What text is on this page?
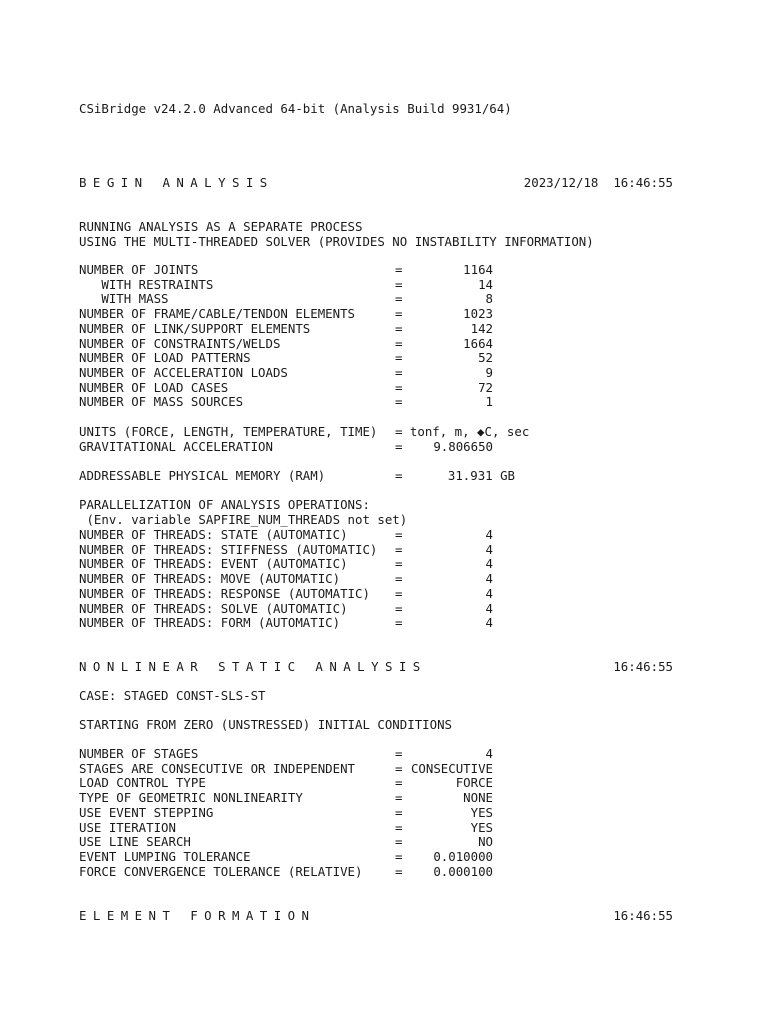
CSiBridge v24.2.0 Advanced 64-bit (Analysis Build 9931/64)
BEGIN ANALYSIS	2023/12/18  16:46:55
RUNNING ANALYSIS AS A SEPARATE PROCESS
USING THE MULTI-THREADED SOLVER (PROVIDES NO INSTABILITY INFORMATION)
NUMBER OF JOINTS	=	1164
WITH RESTRAINTS	=	14
WITH MASS	=	8
NUMBER OF FRAME/CABLE/TENDON ELEMENTS	=	1023
NUMBER OF LINK/SUPPORT ELEMENTS	=	142
NUMBER OF CONSTRAINTS/WELDS	=	1664
NUMBER OF LOAD PATTERNS	=	52
NUMBER OF ACCELERATION LOADS	=	9
NUMBER OF LOAD CASES	=	72
NUMBER OF MASS SOURCES	=	1
UNITS (FORCE, LENGTH, TEMPERATURE, TIME) = tonf, m, ◆C, sec
GRAVITATIONAL ACCELERATION	= 9.806650
ADDRESSABLE PHYSICAL MEMORY (RAM)	=	31.931 GB
PARALLELIZATION OF ANALYSIS OPERATIONS:
(Env. variable SAPFIRE_NUM_THREADS not set)
NUMBER OF THREADS: STATE (AUTOMATIC)	=	4
NUMBER OF THREADS: STIFFNESS (AUTOMATIC) =	4
NUMBER OF THREADS: EVENT (AUTOMATIC)	=	4
NUMBER OF THREADS: MOVE (AUTOMATIC)	=	4
NUMBER OF THREADS: RESPONSE (AUTOMATIC) =	4
NUMBER OF THREADS: SOLVE (AUTOMATIC)	=	4
NUMBER OF THREADS: FORM (AUTOMATIC)	=	4
NONLINEAR STATIC ANALYSIS	16:46:55
CASE: STAGED CONST-SLS-ST
STARTING FROM ZERO (UNSTRESSED) INITIAL CONDITIONS
NUMBER OF STAGES	=	4
STAGES ARE CONSECUTIVE OR INDEPENDENT	= CONSECUTIVE
LOAD CONTROL TYPE	=	FORCE
TYPE OF GEOMETRIC NONLINEARITY	=	NONE
USE EVENT STEPPING	=	YES
USE ITERATION	=	YES
USE LINE SEARCH	=	NO
EVENT LUMPING TOLERANCE	= 0.010000
FORCE CONVERGENCE TOLERANCE (RELATIVE)	= 0.000100
ELEMENT FORMATION	16:46:55
